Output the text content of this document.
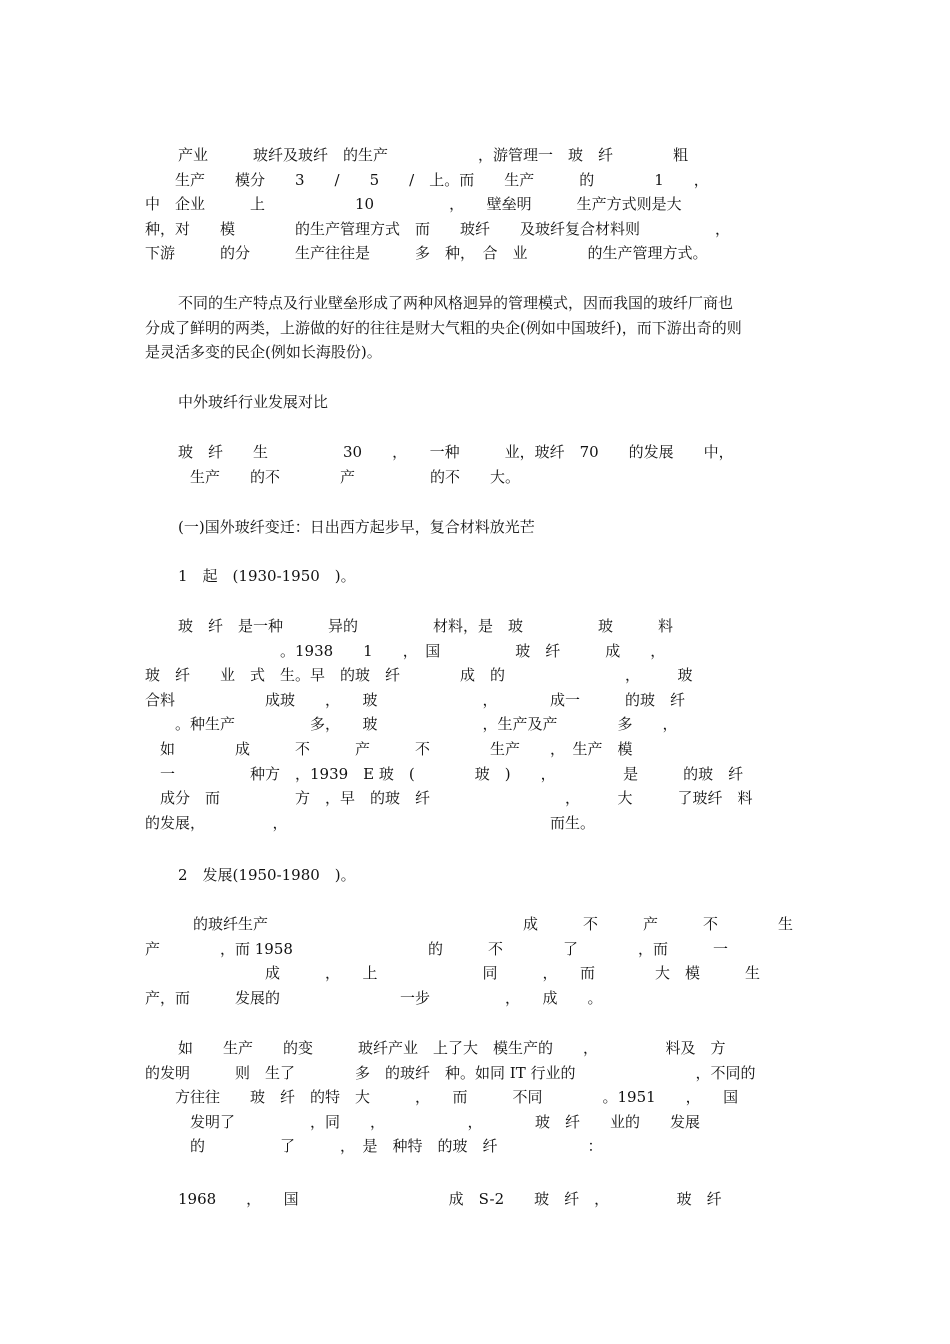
产业　　　玻纤及玻纤　的生产　　　　　　，游管理一　玻　纤　　　　粗
　　生产　　模分　　3　　/　　5　　/　上。而　　生产　　　的　　　　1　　，
中　企业　　　上　　　　　　10　　　　　，　　壁垒明　　　生产方式则是大
种，对　　模　　　　的生产管理方式　而　　玻纤　　及玻纤复合材料则　　　　　，
下游　　　的分　　　生产往往是　　　多　种，　合　业　　　　的生产管理方式。
不同的生产特点及行业壁垒形成了两种风格迥异的管理模式，因而我国的玻纤厂商也
分成了鲜明的两类，上游做的好的往往是财大气粗的央企(例如中国玻纤)，而下游出奇的则
是灵活多变的民企(例如长海股份)。
中外玻纤行业发展对比
玻　纤　　生　　　　　30　　，　　一种　　　业，玻纤　70　　的发展　　中，
　　　生产　　的不　　　　产　　　　　的不　　大。
(一)国外玻纤变迁：日出西方起步早，复合材料放光芒
1　起　(1930-1950　)。
玻　纤　是一种　　　异的　　　　　材料，是　玻　　　　　玻　　　料
　　　　　　　　　。1938　　1　　，　国　　　　　玻　纤　　　成　　，
玻　纤　　业　式　生。早　的玻　纤　　　　成　的　　　　　　　　，　　　玻
合料　　　　　　成玻　　，　　玻　　　　　　　，　　　　成一　　　的玻　纤
　　。种生产　　　　　多，　　玻　　　　　　　，生产及产　　　　多　　，
　如　　　　成　　　不　　　产　　　不　　　　生产　　，　生产　模
　一　　　　　种方　，1939　E 玻　(　　　　玻　)　　，　　　　　是　　　的玻　纤
　成分　而　　　　　方　，早　的玻　纤　　　　　　　　　，　　　大　　　了玻纤　料
的发展，　　　　　，　　　　　　　　　　　　　　　　　　而生。
2　发展(1950-1980　)。
　的玻纤生产　　　　　　　　　　　　　　　　　成　　　不　　　产　　　不　　　　生
产　　　　，而 1958　　　　　　　　　的　　　不　　　　了　　　　，而　　　一
　　　　　　　　成　　　，　　上　　　　　　　同　　　，　　而　　　　大　模　　　生
产，而　　　发展的　　　　　　　　一步　　　　　，　　成　　。
如　　生产　　的变　　　玻纤产业　上了大　模生产的　　，　　　　　料及　方
的发明　　　则　生了　　　　多　的玻纤　种。如同 IT 行业的　　　　　　　　，不同的
　　方往往　　玻　纤　的特　大　　　，　　而　　　不同　　　　。1951　　，　　国
　　　发明了　　　　　，同　　，　　　　　　，　　　　玻　纤　　业的　　发展
　　　的　　　　　了　　　，　是　种特　的玻　纤　　　　　　：
1968　　，　　国　　　　　　　　　　成　S-2　　玻　纤　，　　　　　玻　纤
